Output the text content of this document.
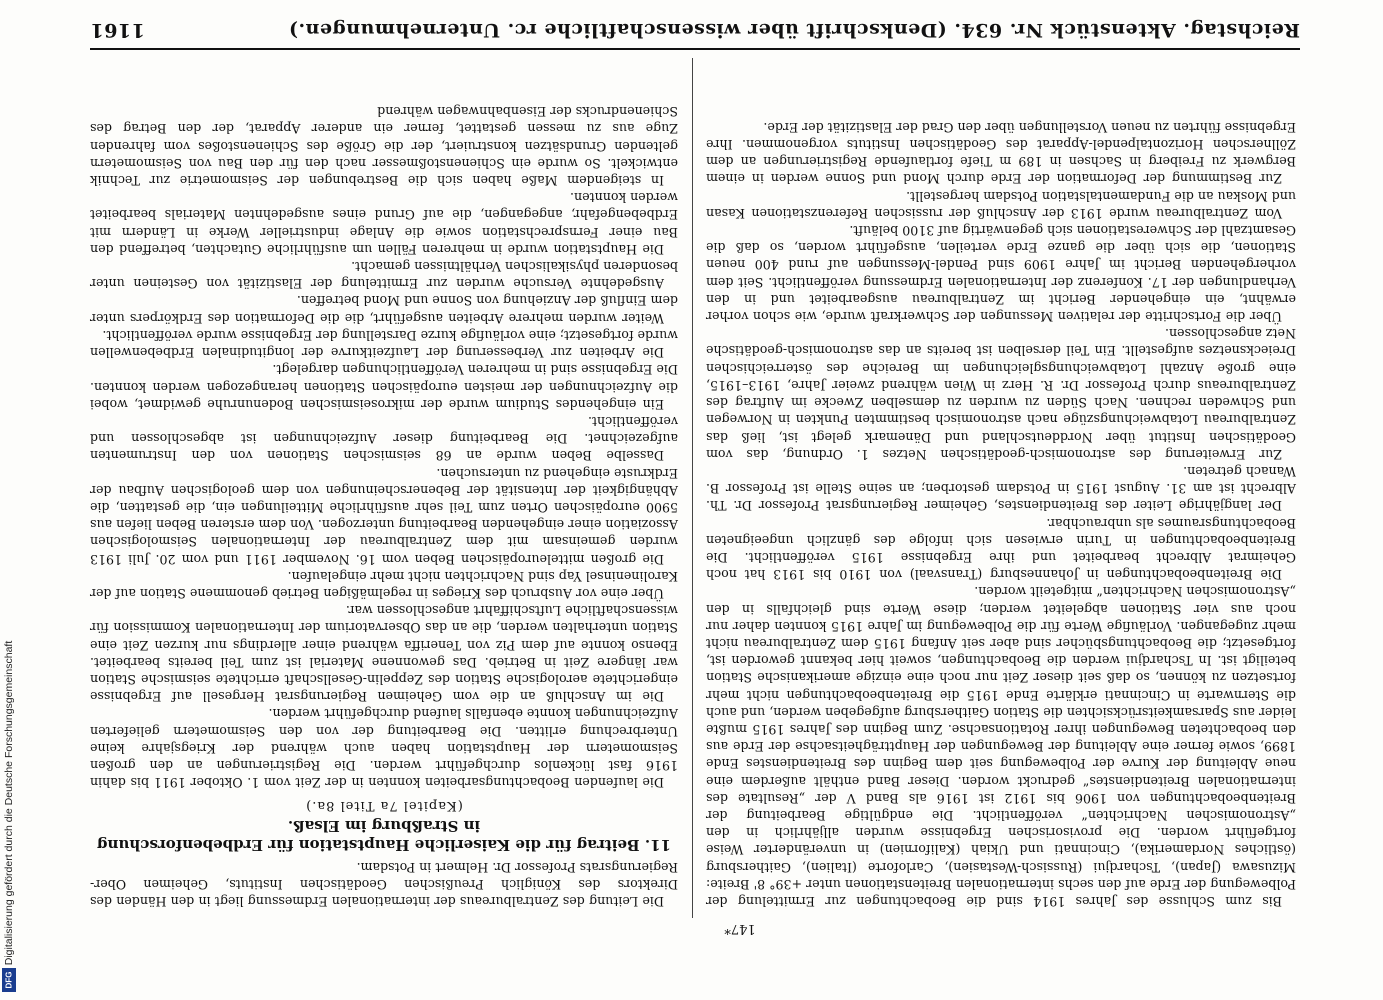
Reichstag. Aktenstück Nr. 634. (Denkschrift über wissenschaftliche rc. Unternehmungen.)
1161

Bis zum Schlusse des Jahres 1914 sind die Beobachtungen zur Ermittelung der Polbewegung der Erde auf den sechs internationalen Breitenstationen unter +39° 8' Breite: Mizusawa (Japan), Tschardjui (Russisch-Westasien), Carloforte (Italien), Gaithersburg (östliches Nordamerika), Cincinnati und Ukiah (Kalifornien) in unveränderter Weise fortgeführt worden. Die provisorischen Ergebnisse wurden alljährlich in den „Astronomischen Nachrichten“ veröffentlicht. Die endgültige Bearbeitung der Breitenbeobachtungen von 1906 bis 1912 ist 1916 als Band V der „Resultate des internationalen Breitendienstes“ gedruckt worden. Dieser Band enthält außerdem eine neue Ableitung der Kurve der Polbewegung seit dem Beginn des Breitendienstes Ende 1899, sowie ferner eine Ableitung der Bewegungen der Hauptträgheitsachse der Erde aus den beobachteten Bewegungen ihrer Rotationsachse. Zum Beginn des Jahres 1915 mußte leider aus Sparsamkeitsrücksichten die Station Gaithersburg aufgegeben werden, und auch die Sternwarte in Cincinnati erklärte Ende 1915 die Breitenbeobachtungen nicht mehr fortsetzen zu können, so daß seit dieser Zeit nur noch eine einzige amerikanische Station beteiligt ist. In Tschardjui werden die Beobachtungen, soweit hier bekannt geworden ist, fortgesetzt; die Beobachtungsbücher sind aber seit Anfang 1915 dem Zentralbureau nicht mehr zugegangen. Vorläufige Werte für die Polbewegung im Jahre 1915 konnten daher nur noch aus vier Stationen abgeleitet werden; diese Werte sind gleichfalls in den „Astronomischen Nachrichten“ mitgeteilt worden.

Die Breitenbeobachtungen in Johannesburg (Transvaal) von 1910 bis 1913 hat noch Geheimrat Albrecht bearbeitet und ihre Ergebnisse 1915 veröffentlicht. Die Breitenbeobachtungen in Turin erwiesen sich infolge des gänzlich ungeeigneten Beobachtungsraumes als unbrauchbar.

Der langjährige Leiter des Breitendienstes, Geheimer Regierungsrat Professor Dr. Th. Albrecht ist am 31. August 1915 in Potsdam gestorben; an seine Stelle ist Professor B. Wanach getreten.

Zur Erweiterung des astronomisch-geodätischen Netzes 1. Ordnung, das vom Geodätischen Institut über Norddeutschland und Dänemark gelegt ist, ließ das Zentralbureau Lotabweichungszüge nach astronomisch bestimmten Punkten in Norwegen und Schweden rechnen. Nach Süden zu wurden zu demselben Zwecke im Auftrag des Zentralbureaus durch Professor Dr. R. Herz in Wien während zweier Jahre, 1913–1915, eine große Anzahl Lotabweichungsgleichungen im Bereiche des österreichischen Dreiecksnetzes aufgestellt. Ein Teil derselben ist bereits an das astronomisch-geodätische Netz angeschlossen.

Über die Fortschritte der relativen Messungen der Schwerkraft wurde, wie schon vorher erwähnt, ein eingehender Bericht im Zentralbureau ausgearbeitet und in den Verhandlungen der 17. Konferenz der Internationalen Erdmessung veröffentlicht. Seit dem vorhergehenden Bericht im Jahre 1909 sind Pendel-Messungen auf rund 400 neuen Stationen, die sich über die ganze Erde verteilen, ausgeführt worden, so daß die Gesamtzahl der Schwerestationen sich gegenwärtig auf 3100 beläuft.

Vom Zentralbureau wurde 1913 der Anschluß der russischen Referenzstationen Kasan und Moskau an die Fundamentalstation Potsdam hergestellt.

Zur Bestimmung der Deformation der Erde durch Mond und Sonne werden in einem Bergwerk zu Freiberg in Sachsen in 189 m Tiefe fortlaufende Registrierungen an dem Zöllnerschen Horizontalpendel-Apparat des Geodätischen Instituts vorgenommen. Ihre Ergebnisse führten zu neuen Vorstellungen über den Grad der Elastizität der Erde.

Die Leitung des Zentralbureaus der internationalen Erdmessung liegt in den Händen des Direktors des Königlich Preußischen Geodätischen Instituts, Geheimen Ober-Regierungsrats Professor Dr. Helmert in Potsdam.

11. Beitrag für die Kaiserliche Hauptstation für Erdbebenforschung in Straßburg im Elsaß.
(Kapitel 7a Titel 8a.)

Die laufenden Beobachtungsarbeiten konnten in der Zeit vom 1. Oktober 1911 bis dahin 1916 fast lückenlos durchgeführt werden. Die Registrierungen an den großen Seismometern der Hauptstation haben auch während der Kriegsjahre keine Unterbrechung erlitten. Die Bearbeitung der von den Seismometern gelieferten Aufzeichnungen konnte ebenfalls laufend durchgeführt werden.

Die im Anschluß an die vom Geheimen Regierungsrat Hergesell auf Ergebnisse eingerichtete aerologische Station des Zeppelin-Gesellschaft errichtete seismische Station war längere Zeit in Betrieb. Das gewonnene Material ist zum Teil bereits bearbeitet. Ebenso konnte auf dem Piz von Teneriffa während einer allerdings nur kurzen Zeit eine Station unterhalten werden, die an das Observatorium der Internationalen Kommission für wissenschaftliche Luftschiffahrt angeschlossen war.

Über eine vor Ausbruch des Krieges in regelmäßigen Betrieb genommene Station auf der Karolineninsel Yap sind Nachrichten nicht mehr eingelaufen.

Die großen mitteleuropäischen Beben vom 16. November 1911 und vom 20. Juli 1913 wurden gemeinsam mit dem Zentralbureau der Internationalen Seismologischen Assoziation einer eingehenden Bearbeitung unterzogen. Von dem ersteren Beben liefen aus 5900 europäischen Orten zum Teil sehr ausführliche Mitteilungen ein, die gestatten, die Abhängigkeit der Intensität der Bebenerscheinungen von dem geologischen Aufbau der Erdkruste eingehend zu untersuchen.

Dasselbe Beben wurde an 68 seismischen Stationen von den Instrumenten aufgezeichnet. Die Bearbeitung dieser Aufzeichnungen ist abgeschlossen und veröffentlicht.

Ein eingehendes Studium wurde der mikroseismischen Bodenunruhe gewidmet, wobei die Aufzeichnungen der meisten europäischen Stationen herangezogen werden konnten. Die Ergebnisse sind in mehreren Veröffentlichungen dargelegt.

Die Arbeiten zur Verbesserung der Laufzeitkurve der longitudinalen Erdbebenwellen wurde fortgesetzt; eine vorläufige kurze Darstellung der Ergebnisse wurde veröffentlicht.

Weiter wurden mehrere Arbeiten ausgeführt, die die Deformation des Erdkörpers unter dem Einfluß der Anziehung von Sonne und Mond betreffen.

Ausgedehnte Versuche wurden zur Ermittelung der Elastizität von Gesteinen unter besonderen physikalischen Verhältnissen gemacht.

Die Hauptstation wurde in mehreren Fällen um ausführliche Gutachten, betreffend den Bau einer Fernsprechstation sowie die Anlage industrieller Werke in Ländern mit Erdbebengefahr, angegangen, die auf Grund eines ausgedehnten Materials bearbeitet werden konnten.

In steigendem Maße haben sich die Bestrebungen der Seismometrie zur Technik entwickelt. So wurde ein Schienenstoßmesser nach den für den Bau von Seismometern geltenden Grundsätzen konstruiert, der die Größe des Schienenstoßes vom fahrenden Zuge aus zu messen gestattet, ferner ein anderer Apparat, der den Betrag des Schienendrucks der Eisenbahnwagen während

147*
Digitalisierung gefördert durch die Deutsche Forschungsgemeinschaft
DFG
